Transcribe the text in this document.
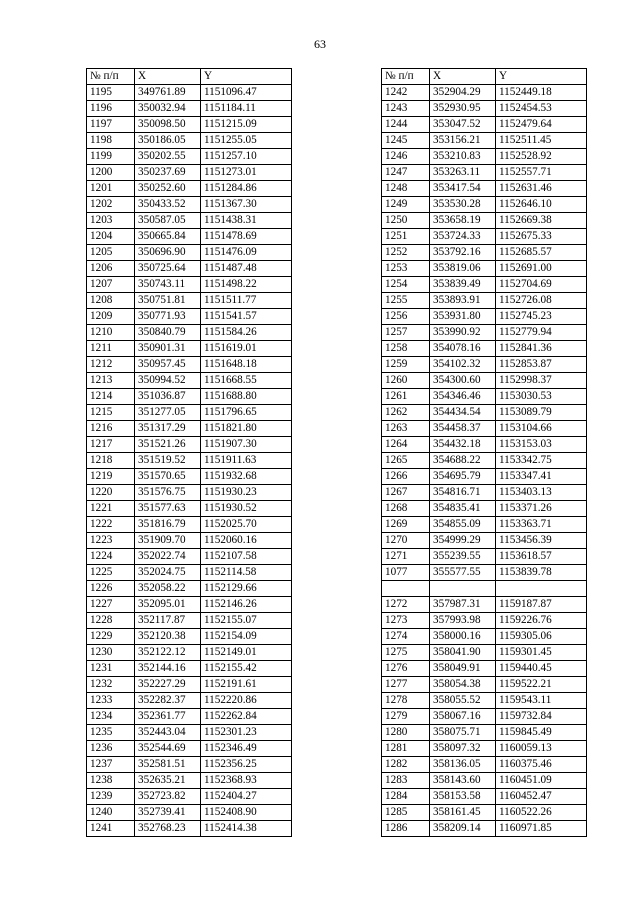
63
№ п/п	X	Y
1195	349761.89	1151096.47
1196	350032.94	1151184.11
1197	350098.50	1151215.09
1198	350186.05	1151255.05
1199	350202.55	1151257.10
1200	350237.69	1151273.01
1201	350252.60	1151284.86
1202	350433.52	1151367.30
1203	350587.05	1151438.31
1204	350665.84	1151478.69
1205	350696.90	1151476.09
1206	350725.64	1151487.48
1207	350743.11	1151498.22
1208	350751.81	1151511.77
1209	350771.93	1151541.57
1210	350840.79	1151584.26
1211	350901.31	1151619.01
1212	350957.45	1151648.18
1213	350994.52	1151668.55
1214	351036.87	1151688.80
1215	351277.05	1151796.65
1216	351317.29	1151821.80
1217	351521.26	1151907.30
1218	351519.52	1151911.63
1219	351570.65	1151932.68
1220	351576.75	1151930.23
1221	351577.63	1151930.52
1222	351816.79	1152025.70
1223	351909.70	1152060.16
1224	352022.74	1152107.58
1225	352024.75	1152114.58
1226	352058.22	1152129.66
1227	352095.01	1152146.26
1228	352117.87	1152155.07
1229	352120.38	1152154.09
1230	352122.12	1152149.01
1231	352144.16	1152155.42
1232	352227.29	1152191.61
1233	352282.37	1152220.86
1234	352361.77	1152262.84
1235	352443.04	1152301.23
1236	352544.69	1152346.49
1237	352581.51	1152356.25
1238	352635.21	1152368.93
1239	352723.82	1152404.27
1240	352739.41	1152408.90
1241	352768.23	1152414.38
№ п/п	X	Y
1242	352904.29	1152449.18
1243	352930.95	1152454.53
1244	353047.52	1152479.64
1245	353156.21	1152511.45
1246	353210.83	1152528.92
1247	353263.11	1152557.71
1248	353417.54	1152631.46
1249	353530.28	1152646.10
1250	353658.19	1152669.38
1251	353724.33	1152675.33
1252	353792.16	1152685.57
1253	353819.06	1152691.00
1254	353839.49	1152704.69
1255	353893.91	1152726.08
1256	353931.80	1152745.23
1257	353990.92	1152779.94
1258	354078.16	1152841.36
1259	354102.32	1152853.87
1260	354300.60	1152998.37
1261	354346.46	1153030.53
1262	354434.54	1153089.79
1263	354458.37	1153104.66
1264	354432.18	1153153.03
1265	354688.22	1153342.75
1266	354695.79	1153347.41
1267	354816.71	1153403.13
1268	354835.41	1153371.26
1269	354855.09	1153363.71
1270	354999.29	1153456.39
1271	355239.55	1153618.57
1077	355577.55	1153839.78

1272	357987.31	1159187.87
1273	357993.98	1159226.76
1274	358000.16	1159305.06
1275	358041.90	1159301.45
1276	358049.91	1159440.45
1277	358054.38	1159522.21
1278	358055.52	1159543.11
1279	358067.16	1159732.84
1280	358075.71	1159845.49
1281	358097.32	1160059.13
1282	358136.05	1160375.46
1283	358143.60	1160451.09
1284	358153.58	1160452.47
1285	358161.45	1160522.26
1286	358209.14	1160971.85
